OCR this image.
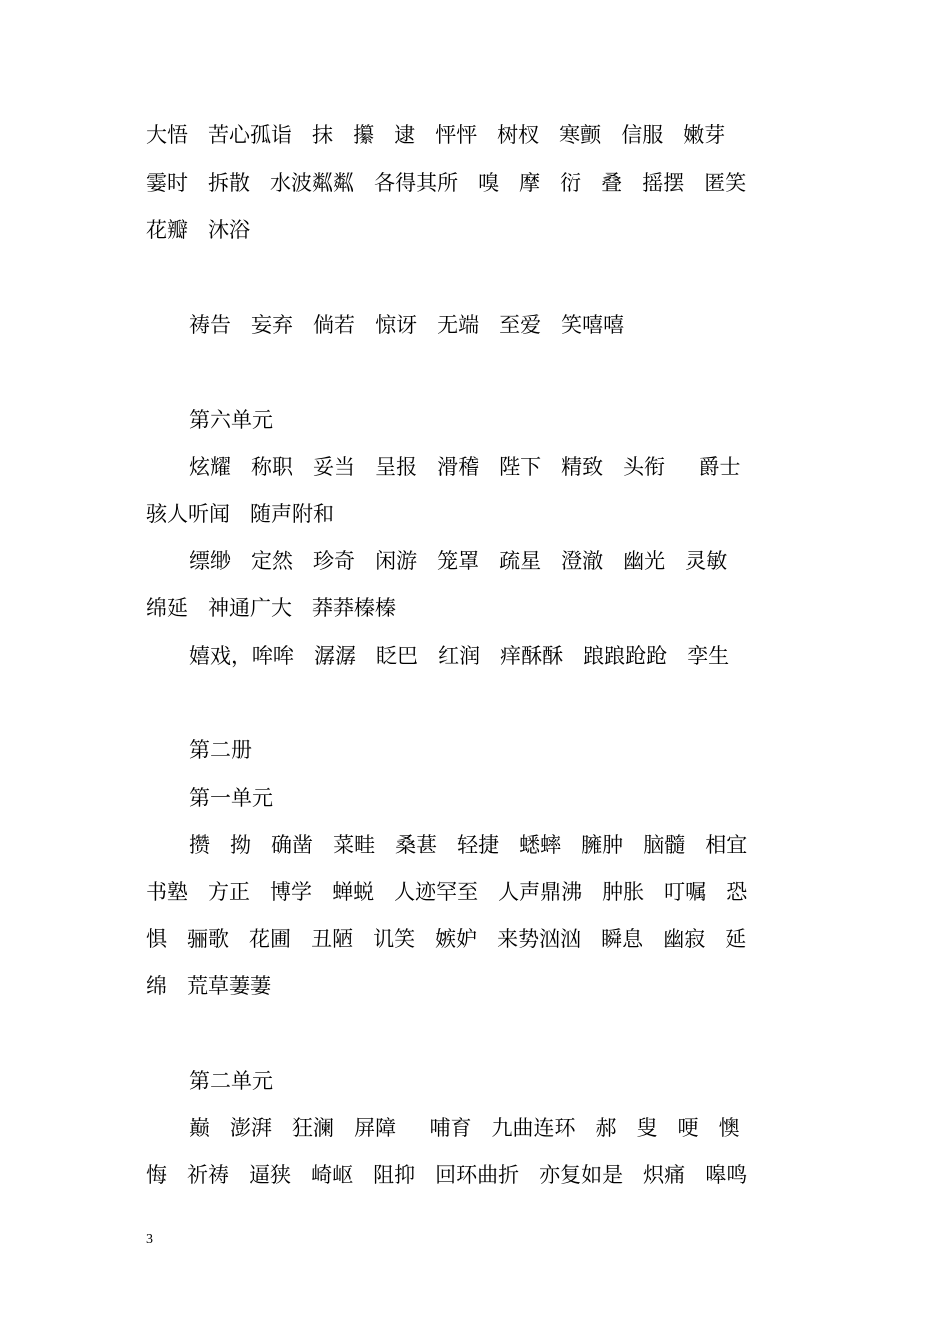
大悟   苦心孤诣   抹   攥   逮   怦怦   树杈   寒颤   信服   嫩芽
霎时   拆散   水波粼粼   各得其所   嗅   摩   衍   叠   摇摆   匿笑
花瓣   沐浴
祷告   妄弃   倘若   惊讶   无端   至爱   笑嘻嘻
第六单元
炫耀   称职   妥当   呈报   滑稽   陛下   精致   头衔     爵士
骇人听闻   随声附和
缥缈   定然   珍奇   闲游   笼罩   疏星   澄澈   幽光   灵敏
绵延   神通广大   莽莽榛榛
嬉戏，哞哞   潺潺   眨巴   红润   痒酥酥   踉踉跄跄   孪生
第二册
第一单元
攒   拗   确凿   菜畦   桑葚   轻捷   蟋蟀   臃肿   脑髓   相宜
书塾   方正   博学   蝉蜕   人迹罕至   人声鼎沸   肿胀   叮嘱   恐
惧   骊歌   花圃   丑陋   讥笑   嫉妒   来势汹汹   瞬息   幽寂   延
绵   荒草萋萋
第二单元
巅   澎湃   狂澜   屏障     哺育   九曲连环   郝   叟   哽   懊
悔   祈祷   逼狭   崎岖   阻抑   回环曲折   亦复如是   炽痛   嗥鸣
3
